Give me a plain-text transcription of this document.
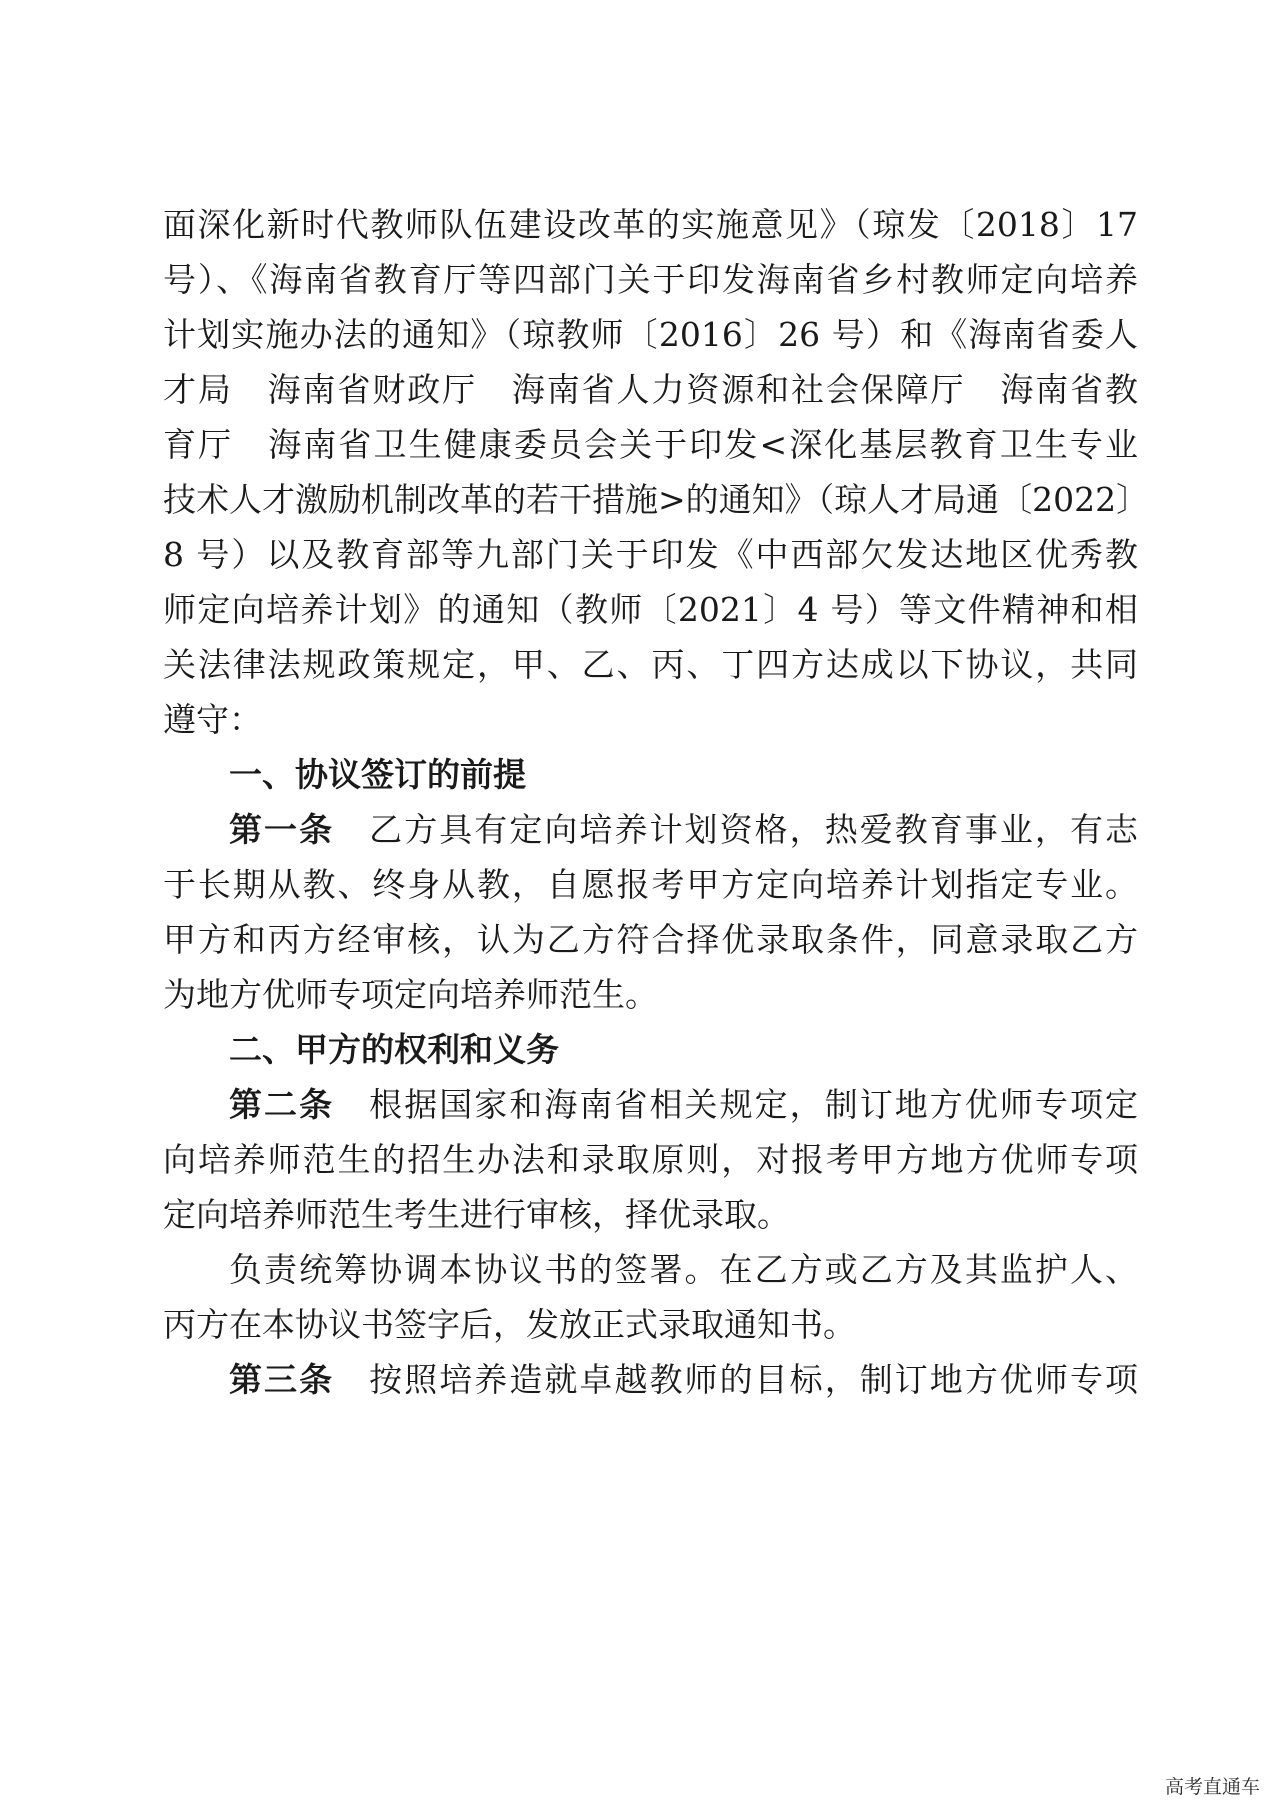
面深化新时代教师队伍建设改革的实施意见》（琼发〔2018〕17
号）、《海南省教育厅等四部门关于印发海南省乡村教师定向培养
计划实施办法的通知》（琼教师〔2016〕26 号）和《海南省委人
才局　海南省财政厅　海南省人力资源和社会保障厅　海南省教
育厅　海南省卫生健康委员会关于印发<深化基层教育卫生专业
技术人才激励机制改革的若干措施>的通知》（琼人才局通〔2022〕
8 号）以及教育部等九部门关于印发《中西部欠发达地区优秀教
师定向培养计划》的通知（教师〔2021〕4 号）等文件精神和相
关法律法规政策规定，甲、乙、丙、丁四方达成以下协议，共同
遵守：
一、协议签订的前提
第一条　 乙方具有定向培养计划资格，热爱教育事业，有志
于长期从教、终身从教，自愿报考甲方定向培养计划指定专业。
甲方和丙方经审核，认为乙方符合择优录取条件，同意录取乙方
为地方优师专项定向培养师范生。
二、甲方的权利和义务
第二条　 根据国家和海南省相关规定，制订地方优师专项定
向培养师范生的招生办法和录取原则，对报考甲方地方优师专项
定向培养师范生考生进行审核，择优录取。
负责统筹协调本协议书的签署。在乙方或乙方及其监护人、
丙方在本协议书签字后，发放正式录取通知书。
第三条　 按照培养造就卓越教师的目标，制订地方优师专项
高考直通车
